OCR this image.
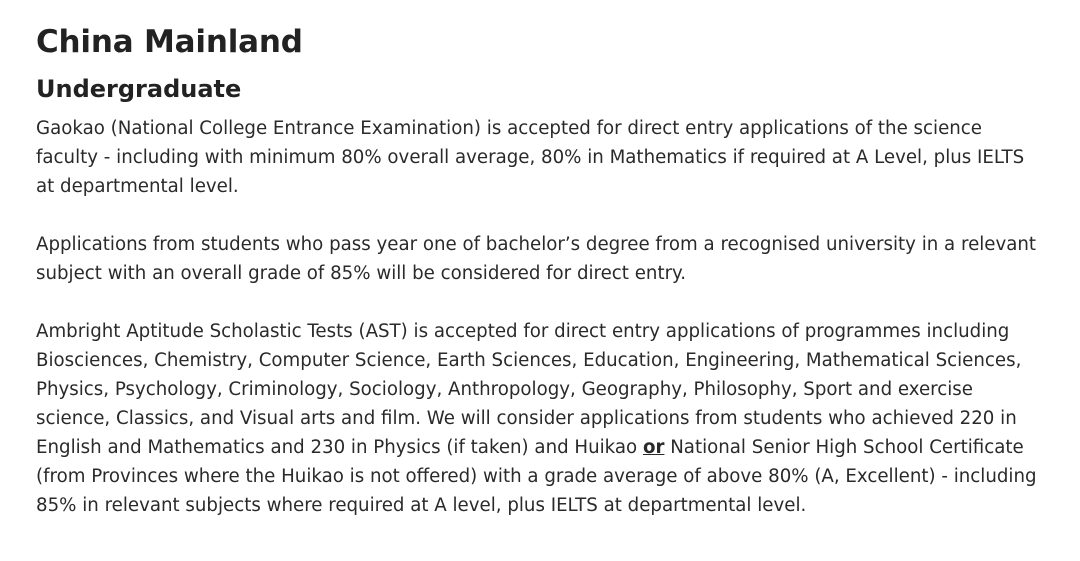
China Mainland
Undergraduate

Gaokao (National College Entrance Examination) is accepted for direct entry applications of the science faculty - including with minimum 80% overall average, 80% in Mathematics if required at A Level, plus IELTS at departmental level.

Applications from students who pass year one of bachelor’s degree from a recognised university in a relevant subject with an overall grade of 85% will be considered for direct entry.

Ambright Aptitude Scholastic Tests (AST) is accepted for direct entry applications of programmes including Biosciences, Chemistry, Computer Science, Earth Sciences, Education, Engineering, Mathematical Sciences, Physics, Psychology, Criminology, Sociology, Anthropology, Geography, Philosophy, Sport and exercise science, Classics, and Visual arts and film. We will consider applications from students who achieved 220 in English and Mathematics and 230 in Physics (if taken) and Huikao or National Senior High School Certificate (from Provinces where the Huikao is not offered) with a grade average of above 80% (A, Excellent) - including 85% in relevant subjects where required at A level, plus IELTS at departmental level.
